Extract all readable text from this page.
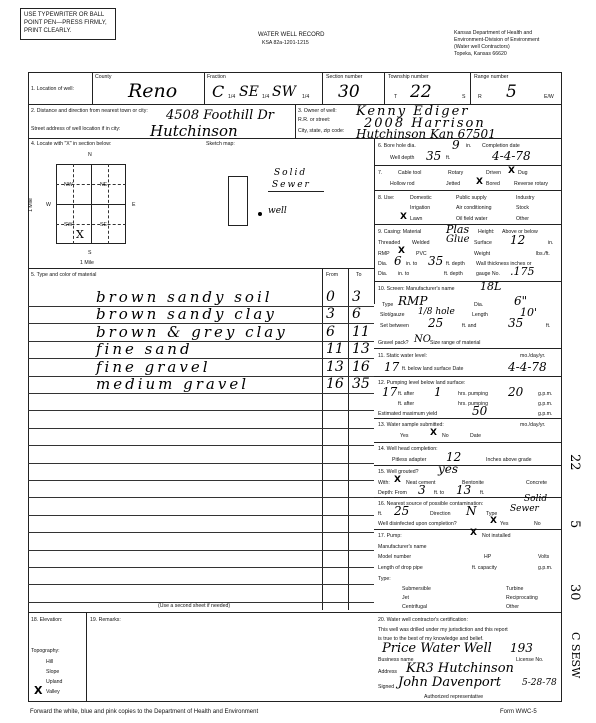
USE TYPEWRITER OR BALL
POINT PEN—PRESS FIRMLY,
PRINT CLEARLY.
WATER WELL RECORD
KSA 82a-1201-1215
Kansas Department of Health and
Environment-Division of Environment
(Water well Contractors)
Topeka, Kansas 66620
1. Location of well:
County
Reno
Fraction
C 1/4 SE 1/4 SW 1/4
Section number
30
Township number
T 22	S
Range number
R 5	E/W
2. Distance and direction from nearest town or city:
Street address of well location if in city:
4508 Foothill Dr
Hutchinson
3. Owner of well:
R.R. or street:
City, state, zip code:
Kenny Ediger
2008 Harrison
Hutchinson Kan 67501
4. Locate with "X" in section below:	Sketch map:
N
NW	NE
SW	SE
W	E
S
X
1 Mile
1 Mile
Solid
Sewer
well
5. Type and color of material	From	To
brown sandy soil	0 3
brown sandy clay	3 6
brown & grey clay	6 11
fine sand	11 13
fine gravel	13 16
medium gravel	16 35
(Use a second sheet if needed)
6. Bore hole dia.	9 in. Completion date
Well depth 35 ft.	4-4-78
7.	Cable tool	Rotary	Driven X Dug
Hollow rod	Jetted X Bored	Reverse rotary
8. Use:	Domestic	Public supply	Industry
Irrigation	Air conditioning	Stock
X Lawn	Oil field water	Other
9. Casing: Material Plas Height: Above or below
Threaded Welded Glue Surface 12	in.
RMP X PVC	Weight	lbs./ft.
Dia. 6 in. to 35 ft. depth Wall thickness inches or
Dia. in. to	ft. depth	gauge No. .175
10. Screen: Manufacturer's name 18L
Type RMP	Dia.	6"
Slot/gauze 1/8 hole	Length	10'
Set between 25	ft. and	35	ft.
Gravel pack? NO Size range of material
11. Static water level:	mo./day/yr.
17 ft. below land surface Date	4-4-78
12. Pumping level below land surface:
17 ft. after 1	hrs. pumping 20	g.p.m.
ft. after	hrs. pumping	g.p.m.
Estimated maximum yield	50	g.p.m.
13. Water sample submitted:	mo./day/yr.
Yes X No	Date
14. Well head completion:
Pitless adapter 12	Inches above grade
15. Well grouted? yes
With: X Neat cement	Bentonite	Concrete
Depth: From 3 ft. to 13 ft.
16. Nearest source of possible contamination:	Solid
ft. 25	Direction N Type Sewer
Well disinfected upon completion?	X Yes	No
17. Pump:	X Not installed
Manufacturer's name
Model number	HP	Volts
Length of drop pipe	ft. capacity	g.p.m.
Type:
Submersible	Turbine
Jet	Reciprocating
Centrifugal	Other
18. Elevation:
Topography:
Hill
Slope
Upland
X Valley
19. Remarks:	20. Water well contractor's certification:
This well was drilled under my jurisdiction and this report
is true to the best of my knowledge and belief.
Price Water Well 193
Business name	License No.
Address KR3 Hutchinson
Signed John Davenport 5-28-78
Authorized representative
Forward the white, blue and pink copies to the Department of Health and Environment	Form WWC-5
22
5
30
C SESW
